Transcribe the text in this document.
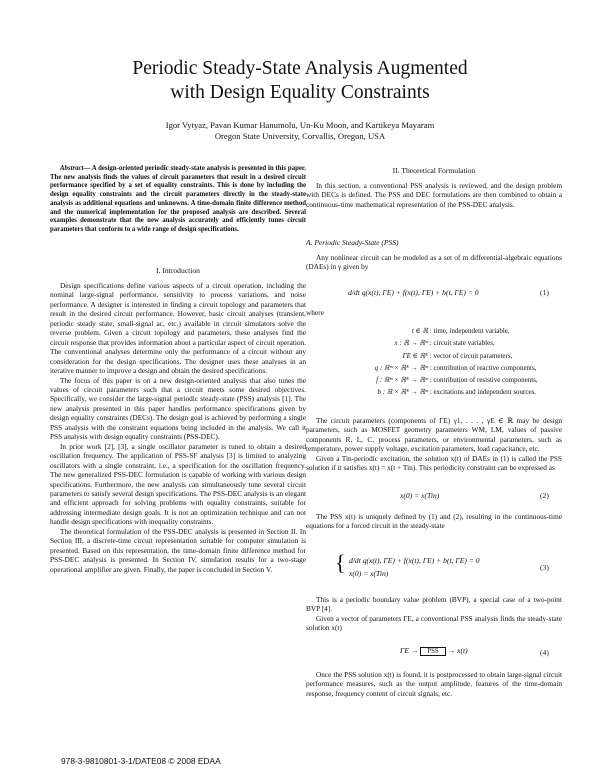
Periodic Steady-State Analysis Augmented
with Design Equality Constraints
Igor Vytyaz, Pavan Kumar Hanumolu, Un-Ku Moon, and Kartikeya Mayaram
Oregon State University, Corvallis, Oregon, USA
Abstract— A design-oriented periodic steady-state analysis is presented in this paper. The new analysis finds the values of circuit parameters that result in a desired circuit performance specified by a set of equality constraints. This is done by including the design equality constraints and the circuit parameters directly in the steady-state analysis as additional equations and unknowns. A time-domain finite difference method and the numerical implementation for the proposed analysis are described. Several examples demonstrate that the new analysis accurately and efficiently tunes circuit parameters that conform to a wide range of design specifications.
I. Introduction

Design specifications define various aspects of a circuit operation, including the nominal large-signal performance, sensitivity to process variations, and noise performance. A designer is interested in finding a circuit topology and parameters that result in the desired circuit performance. However, basic circuit analyses (transient, periodic steady state, small-signal ac, etc.) available in circuit simulators solve the reverse problem. Given a circuit topology and parameters, these analyses find the circuit response that provides information about a particular aspect of circuit operation. The conventional analyses determine only the performance of a circuit without any consideration for the design specifications. The designer uses these analyses in an iterative manner to improve a design and obtain the desired specifications.

The focus of this paper is on a new design-oriented analysis that also tunes the values of circuit parameters such that a circuit meets some desired objectives. Specifically, we consider the large-signal periodic steady-state (PSS) analysis [1]. The new analysis presented in this paper handles performance specifications given by design equality constraints (DECs). The design goal is achieved by performing a single PSS analysis with the constraint equations being included in the analysis. We call it PSS analysis with design equality constraints (PSS-DEC).

In prior work [2], [3], a single oscillator parameter is tuned to obtain a desired oscillation frequency. The application of PSS-SF analysis [3] is limited to analyzing oscillators with a single constraint, i.e., a specification for the oscillation frequency. The new generalized PSS-DEC formulation is capable of working with various design specifications. Furthermore, the new analysis can simultaneously tune several circuit parameters to satisfy several design specifications. The PSS-DEC analysis is an elegant and efficient approach for solving problems with equality constraints, suitable for addressing intermediate design goals. It is not an optimization technique and can not handle design specifications with inequality constraints.

The theoretical formulation of the PSS-DEC analysis is presented in Section II. In Section III, a discrete-time circuit representation suitable for computer simulation is presented. Based on this representation, the time-domain finite difference method for PSS-DEC analysis is presented. In Section IV, simulation results for a two-stage operational amplifier are given. Finally, the paper is concluded in Section V.

II. Theoretical Formulation

In this section, a conventional PSS analysis is reviewed, and the design problem with DECs is defined. The PSS and DEC formulations are then combined to obtain a continuous-time mathematical representation of the PSS-DEC analysis.

A. Periodic Steady-State (PSS)

Any nonlinear circuit can be modeled as a set of m differential-algebraic equations (DAEs) in γ given by

d/dt q(x(t), ΓE) + f(x(t), ΓE) + b(t, ΓE) = 0	(1)
where
t ∈ ℝ : time, independent variable,
x : ℝ → ℝᵐ : circuit state variables,
ΓE ∈ ℝᴱ : vector of circuit parameters,
q : ℝᵐ × ℝᴱ → ℝᵐ : contribution of reactive components,
f : ℝᵐ × ℝᴱ → ℝᵐ : contribution of resistive components,
b : ℝ × ℝᴱ → ℝᵐ : excitations and independent sources.

The circuit parameters (components of ΓE) γ1, . . . , γE ∈ ℝ may be design parameters, such as MOSFET geometry parameters WM, LM, values of passive components R, L, C, process parameters, or environmental parameters, such as temperature, power supply voltage, excitation parameters, load capacitance, etc.

Given a Tin-periodic excitation, the solution x(t) of DAEs in (1) is called the PSS solution if it satisfies x(t) = x(t + Tin). This periodicity constraint can be expressed as

x(0) = x(Tin)	(2)

The PSS x(t) is uniquely defined by (1) and (2), resulting in the continuous-time equations for a forced circuit in the steady-state

{ d/dt q(x(t), ΓE) + f(x(t), ΓE) + b(t, ΓE) = 0
x(0) = x(Tin)
(3)

This is a periodic boundary value problem (BVP), a special case of a two-point BVP [4].

Given a vector of parameters ΓE, a conventional PSS analysis finds the steady-state solution x(t)

ΓE → PSS → x(t)	(4)

Once the PSS solution x(t) is found, it is postprocessed to obtain large-signal circuit performance measures, such as the output amplitude, features of the time-domain response, frequency content of circuit signals, etc.

978-3-9810801-3-1/DATE08 © 2008 EDAA
